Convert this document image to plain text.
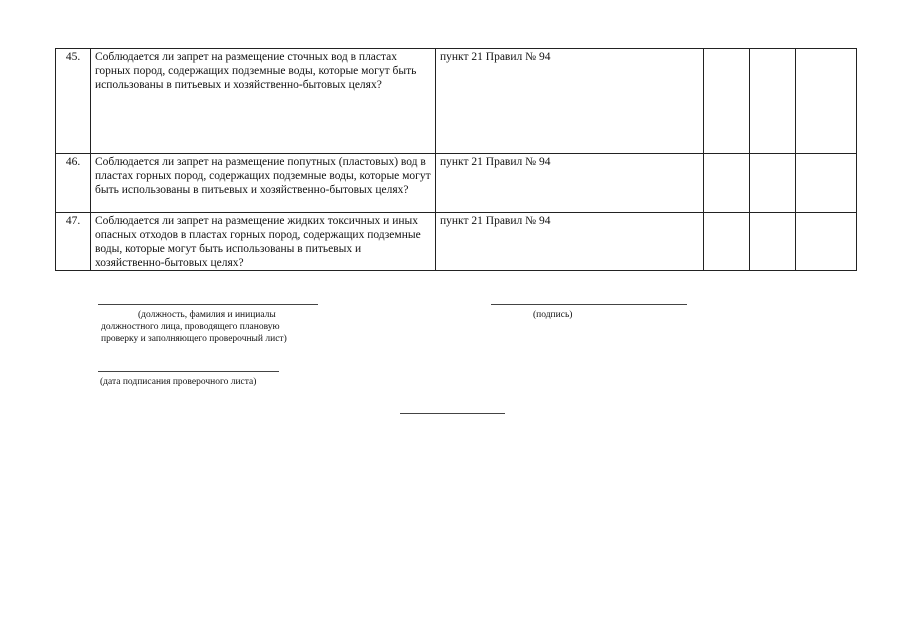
45.	Соблюдается ли запрет на размещение сточных вод в пластах горных пород, содержащих подземные воды, которые могут быть использованы в питьевых и хозяйственно-бытовых целях?	пункт 21 Правил № 94			
46.	Соблюдается ли запрет на размещение попутных (пластовых) вод в пластах горных пород, содержащих подземные воды, которые могут быть использованы в питьевых и хозяйственно-бытовых целях?	пункт 21 Правил № 94			
47.	Соблюдается ли запрет на размещение жидких токсичных и иных опасных отходов в пластах горных пород, содержащих подземные воды, которые могут быть использованы в питьевых и хозяйственно-бытовых целях?	пункт 21 Правил № 94			
(должность, фамилия и инициалы
должностного лица, проводящего плановую
проверку и заполняющего проверочный лист)
(подпись)
(дата подписания проверочного листа)
